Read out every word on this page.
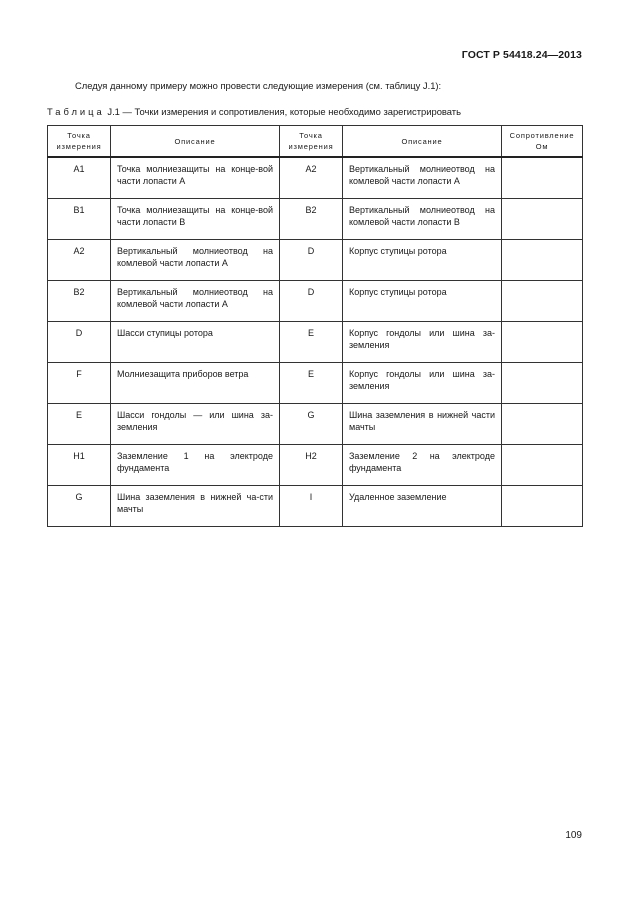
ГОСТ Р 54418.24—2013
Следуя данному примеру можно провести следующие измерения (см. таблицу J.1):
Таблица J.1 — Точки измерения и сопротивления, которые необходимо зарегистрировать
Точка измерения	Описание	Точка измерения	Описание	Сопротивление Ом
A1	Точка молниезащиты на конце-вой части лопасти A	A2	Вертикальный молниеотвод на комлевой части лопасти A	
B1	Точка молниезащиты на конце-вой части лопасти B	B2	Вертикальный молниеотвод на комлевой части лопасти B	
A2	Вертикальный молниеотвод на комлевой части лопасти A	D	Корпус ступицы ротора	
B2	Вертикальный молниеотвод на комлевой части лопасти A	D	Корпус ступицы ротора	
D	Шасси ступицы ротора	E	Корпус гондолы или шина за-земления	
F	Молниезащита приборов ветра	E	Корпус гондолы или шина за-земления	
E	Шасси гондолы — или шина за-земления	G	Шина заземления в нижней части мачты	
H1	Заземление 1 на электроде фундамента	H2	Заземление 2 на электроде фундамента	
G	Шина заземления в нижней ча-сти мачты	I	Удаленное заземление	
109
